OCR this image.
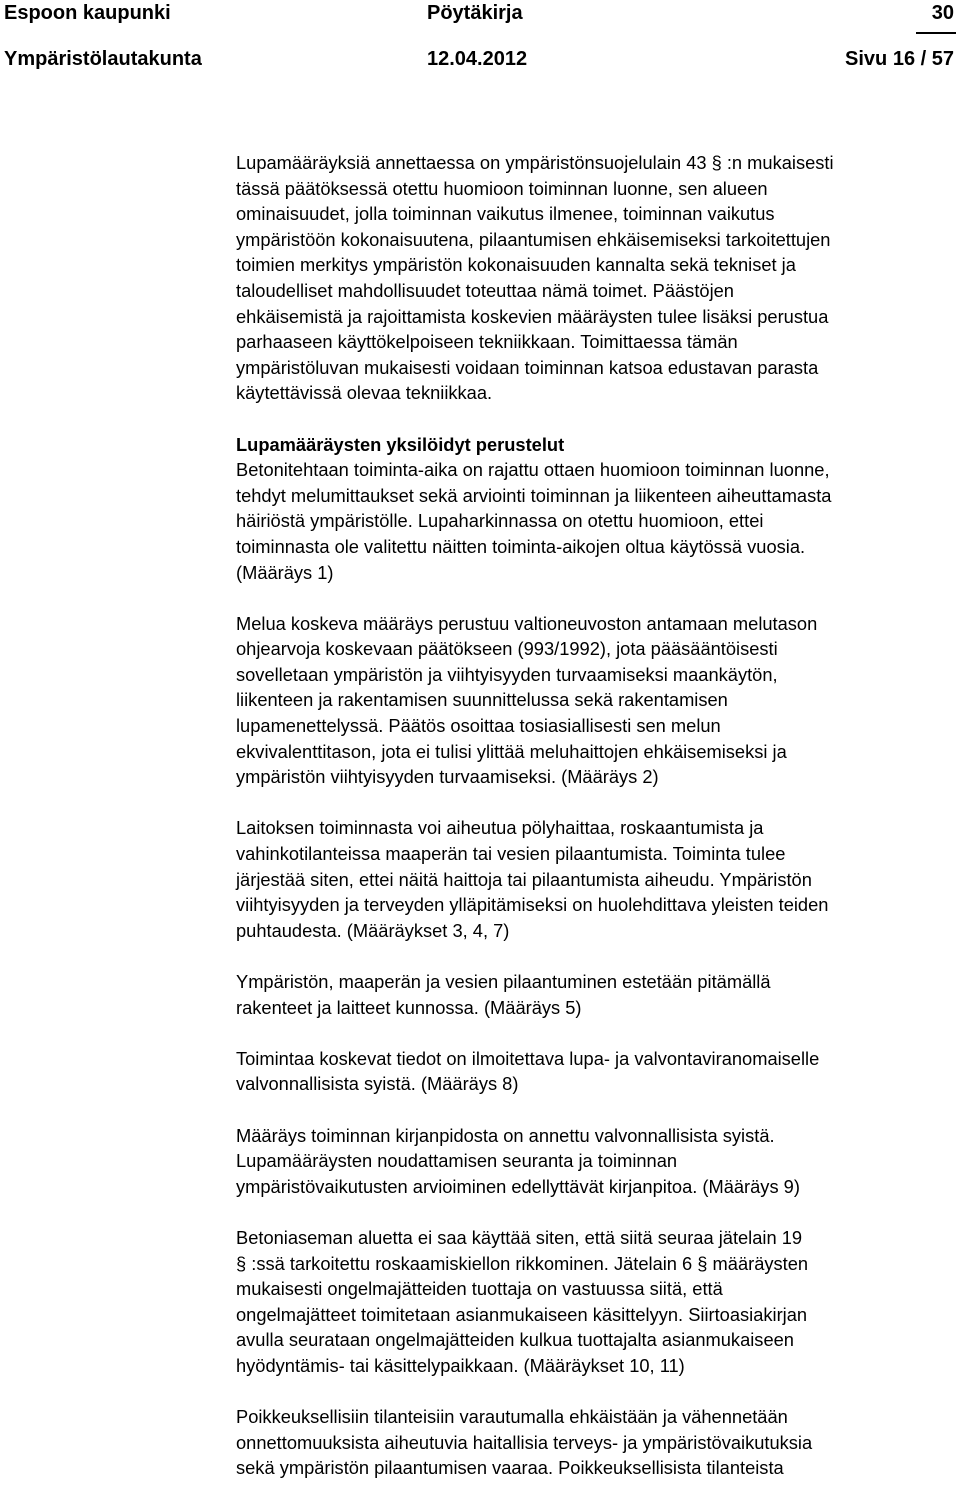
Espoon kaupunki	Pöytäkirja	30
Ympäristölautakunta	12.04.2012	Sivu 16 / 57
Lupamääräyksiä annettaessa on ympäristönsuojelulain 43 § :n mukaisesti
tässä päätöksessä otettu huomioon toiminnan luonne, sen alueen
ominaisuudet, jolla toiminnan vaikutus ilmenee, toiminnan vaikutus
ympäristöön kokonaisuutena, pilaantumisen ehkäisemiseksi tarkoitettujen
toimien merkitys ympäristön kokonaisuuden kannalta sekä tekniset ja
taloudelliset mahdollisuudet toteuttaa nämä toimet. Päästöjen
ehkäisemistä ja rajoittamista koskevien määräysten tulee lisäksi perustua
parhaaseen käyttökelpoiseen tekniikkaan. Toimittaessa tämän
ympäristöluvan mukaisesti voidaan toiminnan katsoa edustavan parasta
käytettävissä olevaa tekniikkaa.
Lupamääräysten yksilöidyt perustelut
Betonitehtaan toiminta-aika on rajattu ottaen huomioon toiminnan luonne,
tehdyt melumittaukset sekä arviointi toiminnan ja liikenteen aiheuttamasta
häiriöstä ympäristölle. Lupaharkinnassa on otettu huomioon, ettei
toiminnasta ole valitettu näitten toiminta-aikojen oltua käytössä vuosia.
(Määräys 1)
Melua koskeva määräys perustuu valtioneuvoston antamaan melutason
ohjearvoja koskevaan päätökseen (993/1992), jota pääsääntöisesti
sovelletaan ympäristön ja viihtyisyyden turvaamiseksi maankäytön,
liikenteen ja rakentamisen suunnittelussa sekä rakentamisen
lupamenettelyssä. Päätös osoittaa tosiasiallisesti sen melun
ekvivalenttitason, jota ei tulisi ylittää meluhaittojen ehkäisemiseksi ja
ympäristön viihtyisyyden turvaamiseksi. (Määräys 2)
Laitoksen toiminnasta voi aiheutua pölyhaittaa, roskaantumista ja
vahinkotilanteissa maaperän tai vesien pilaantumista. Toiminta tulee
järjestää siten, ettei näitä haittoja tai pilaantumista aiheudu. Ympäristön
viihtyisyyden ja terveyden ylläpitämiseksi on huolehdittava yleisten teiden
puhtaudesta. (Määräykset 3, 4, 7)
Ympäristön, maaperän ja vesien pilaantuminen estetään pitämällä
rakenteet ja laitteet kunnossa. (Määräys 5)
Toimintaa koskevat tiedot on ilmoitettava lupa- ja valvontaviranomaiselle
valvonnallisista syistä. (Määräys 8)
Määräys toiminnan kirjanpidosta on annettu valvonnallisista syistä.
Lupamääräysten noudattamisen seuranta ja toiminnan
ympäristövaikutusten arvioiminen edellyttävät kirjanpitoa. (Määräys 9)
Betoniaseman aluetta ei saa käyttää siten, että siitä seuraa jätelain 19
§ :ssä tarkoitettu roskaamiskiellon rikkominen. Jätelain 6 § määräysten
mukaisesti ongelmajätteiden tuottaja on vastuussa siitä, että
ongelmajätteet toimitetaan asianmukaiseen käsittelyyn. Siirtoasiakirjan
avulla seurataan ongelmajätteiden kulkua tuottajalta asianmukaiseen
hyödyntämis- tai käsittelypaikkaan. (Määräykset 10, 11)
Poikkeuksellisiin tilanteisiin varautumalla ehkäistään ja vähennetään
onnettomuuksista aiheutuvia haitallisia terveys- ja ympäristövaikutuksia
sekä ympäristön pilaantumisen vaaraa. Poikkeuksellisista tilanteista
